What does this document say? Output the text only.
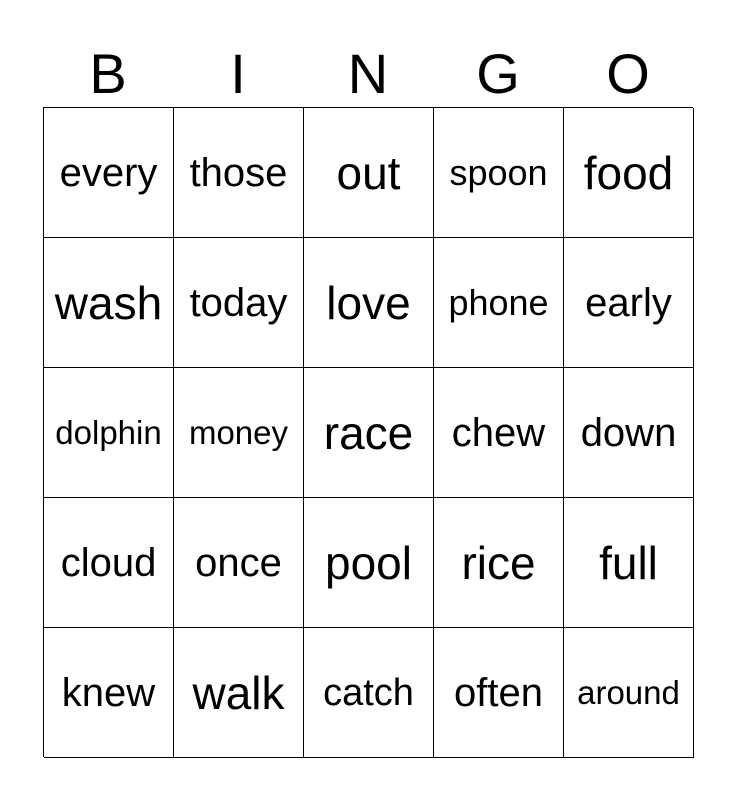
B	I	N	G	O
every those	out	spoon food
wash today love	phone early
dolphin money race chew down
cloud once pool	rice	full
knew walk	catch	often	around
